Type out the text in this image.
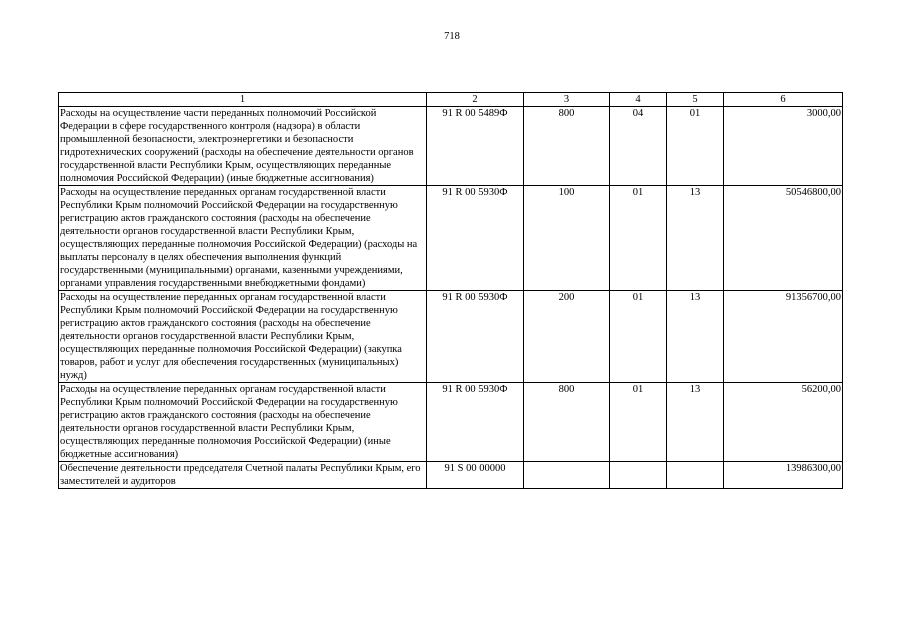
718
1	2	3	4	5	6
Расходы на осуществление части переданных полномочий Российской Федерации в сфере государственного контроля (надзора) в области промышленной безопасности, электроэнергетики и безопасности гидротехнических сооружений (расходы на обеспечение деятельности органов государственной власти Республики Крым, осуществляющих переданные полномочия Российской Федерации) (иные бюджетные ассигнования)	91 R 00 5489Ф	800	04	01	3000,00
Расходы на осуществление переданных органам государственной власти Республики Крым полномочий Российской Федерации на государственную регистрацию актов гражданского состояния (расходы на обеспечение деятельности органов государственной власти Республики Крым, осуществляющих переданные полномочия Российской Федерации) (расходы на выплаты персоналу в целях обеспечения выполнения функций государственными (муниципальными) органами, казенными учреждениями, органами управления государственными внебюджетными фондами)	91 R 00 5930Ф	100	01	13	50546800,00
Расходы на осуществление переданных органам государственной власти Республики Крым полномочий Российской Федерации на государственную регистрацию актов гражданского состояния (расходы на обеспечение деятельности органов государственной власти Республики Крым, осуществляющих переданные полномочия Российской Федерации) (закупка товаров, работ и услуг для обеспечения государственных (муниципальных) нужд)	91 R 00 5930Ф	200	01	13	91356700,00
Расходы на осуществление переданных органам государственной власти Республики Крым полномочий Российской Федерации на государственную регистрацию актов гражданского состояния (расходы на обеспечение деятельности органов государственной власти Республики Крым, осуществляющих переданные полномочия Российской Федерации) (иные бюджетные ассигнования)	91 R 00 5930Ф	800	01	13	56200,00
Обеспечение деятельности председателя Счетной палаты Республики Крым, его заместителей и аудиторов	91 S 00 00000				13986300,00
